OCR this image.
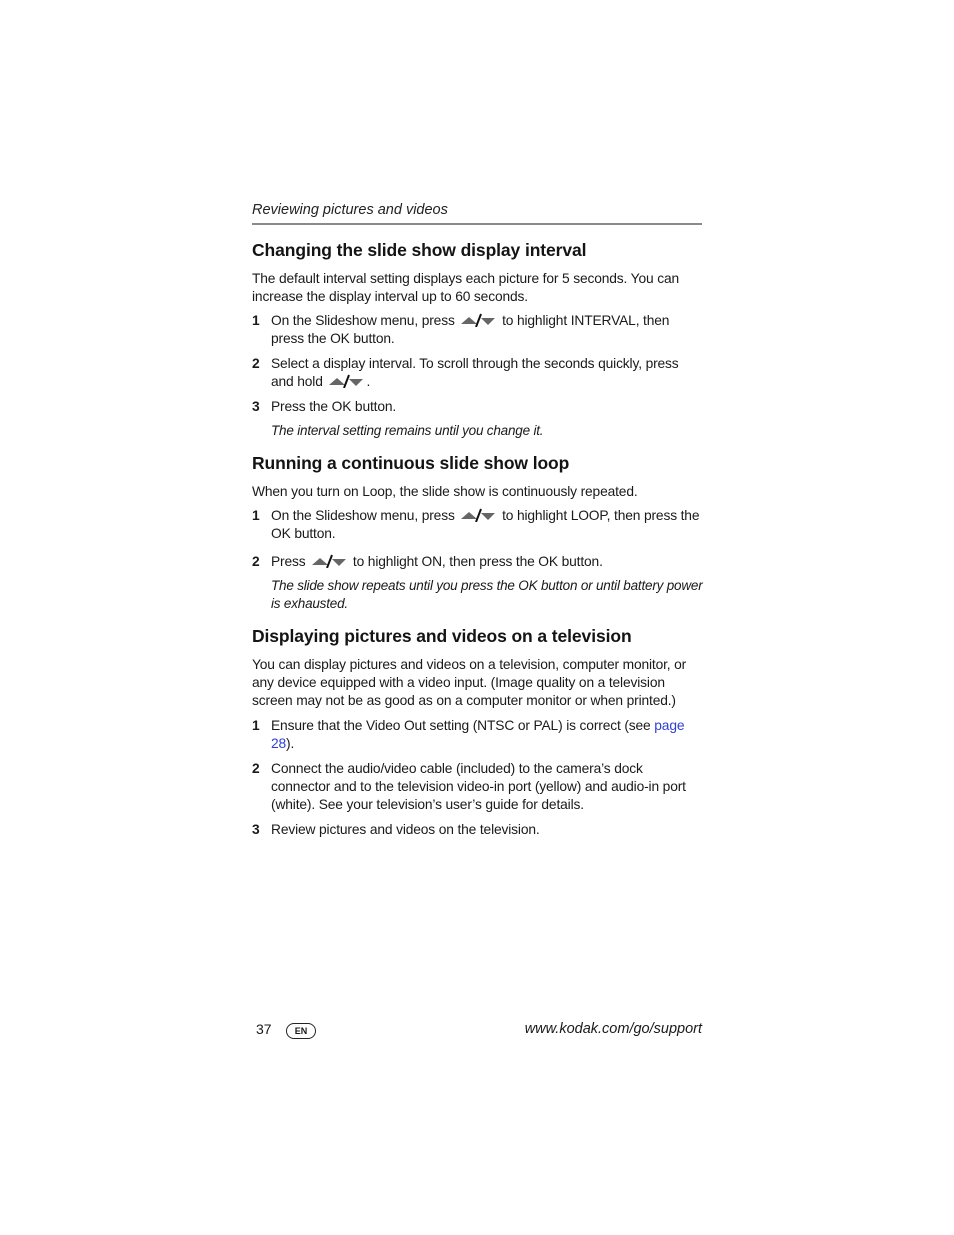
Reviewing pictures and videos
Changing the slide show display interval

The default interval setting displays each picture for 5 seconds. You can increase the display interval up to 60 seconds.

1 On the Slideshow menu, press	to highlight INTERVAL, then press the OK button.
2 Select a display interval. To scroll through the seconds quickly, press and hold	.
3 Press the OK button.
The interval setting remains until you change it.
Running a continuous slide show loop

When you turn on Loop, the slide show is continuously repeated.

1 On the Slideshow menu, press	to highlight LOOP, then press the OK button.
2 Press	to highlight ON, then press the OK button.
The slide show repeats until you press the OK button or until battery power is exhausted.
Displaying pictures and videos on a television

You can display pictures and videos on a television, computer monitor, or any device equipped with a video input. (Image quality on a television screen may not be as good as on a computer monitor or when printed.)

1 Ensure that the Video Out setting (NTSC or PAL) is correct (see page 28).
2 Connect the audio/video cable (included) to the camera’s dock connector and to the television video-in port (yellow) and audio-in port (white). See your television’s user’s guide for details.
3 Review pictures and videos on the television.
37	EN	www.kodak.com/go/support
